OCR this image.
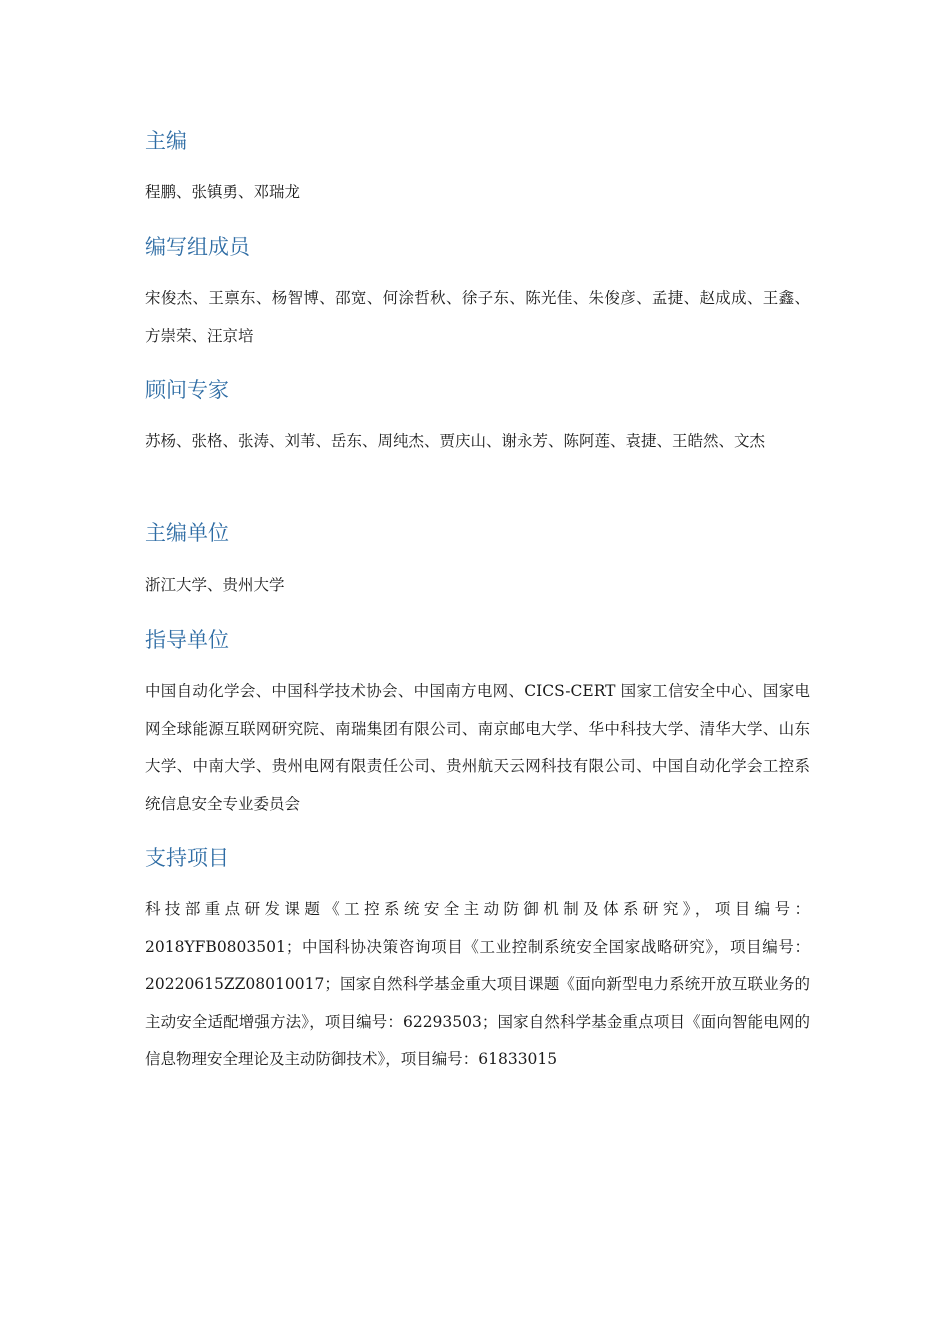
主编

程鹏、张镇勇、邓瑞龙

编写组成员

宋俊杰、王禀东、杨智博、邵宽、何涂哲秋、徐子东、陈光佳、朱俊彦、孟捷、赵成成、王鑫、方崇荣、汪京培

顾问专家

苏杨、张格、张涛、刘苇、岳东、周纯杰、贾庆山、谢永芳、陈阿莲、袁捷、王皓然、文杰

主编单位

浙江大学、贵州大学

指导单位

中国自动化学会、中国科学技术协会、中国南方电网、CICS-CERT 国家工信安全中心、国家电网全球能源互联网研究院、南瑞集团有限公司、南京邮电大学、华中科技大学、清华大学、山东大学、中南大学、贵州电网有限责任公司、贵州航天云网科技有限公司、中国自动化学会工控系统信息安全专业委员会

支持项目

科技部重点研发课题《工控系统安全主动防御机制及体系研究》，项目编号：2018YFB0803501；中国科协决策咨询项目《工业控制系统安全国家战略研究》，项目编号：20220615ZZ08010017；国家自然科学基金重大项目课题《面向新型电力系统开放互联业务的主动安全适配增强方法》，项目编号：62293503；国家自然科学基金重点项目《面向智能电网的信息物理安全理论及主动防御技术》，项目编号：61833015
